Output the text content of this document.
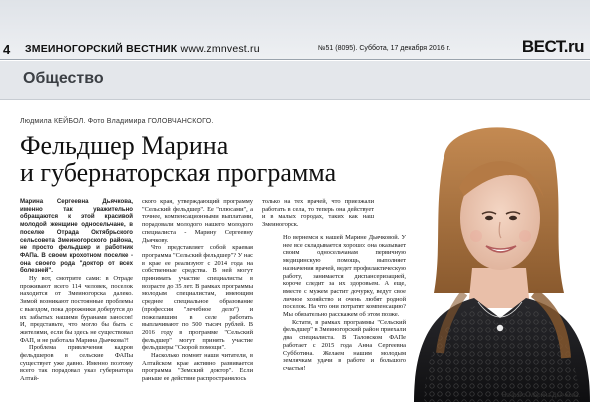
4 ЗМЕИНОГОРСКИЙ ВЕСТНИК www.zmnvest.ru	№51 (8095). Суббота, 17 декабря 2016 г.	ВЕСТ.ru
Общество
Людмила КЕЙБОЛ. Фото Владимира ГОЛОВЧАНСКОГО.
Фельдшер Марина
и губернаторская программа
На фото: Марина Дьячкова.

Марина Сергеевна Дьячкова, именно так уважительно обращаются к этой красивой молодой женщине односельчане, в поселке Отрада Октябрьского сельсовета Змеиногорского района, не просто фельдшер и работник ФАПа. В своем крохотном поселке - она своего рода "доктор от всех болезней".

Ну вот, смотрите сами: в Отраде проживают всего 114 человек, поселок находится от Змеиногорска далеко. Зимой возникают постоянные проблемы с выездом, пока дорожники доберутся до их забытых нашими буранами заносов! И, представьте, что могло бы быть с жителями, если бы здесь не существовал ФАП, и не работала Марина Дьячкова?!

Проблема привлечения кадров фельдшеров в сельские ФАПы существует уже давно. Именно поэтому всего так порадовал указ губернатора Алтай-

ского края, утверждающий программу "Сельский фельдшер". Ее "плюсами", а точнее, компенсационными выплатами, порадовали молодого нашего молодого специалиста - Марину Сергеевну Дьячкову.

Что представляет собой краевая программа "Сельский фельдшер"? У нас в крае ее реализуют с 2014 года на собственные средства. В ней могут принимать участие специалисты в возрасте до 35 лет. В рамках программы молодым специалистам, имеющим среднее специальное образование (профессия "лечебное дело") и пожелавшим в селе работать выплачивают по 500 тысяч рублей. В 2016 году в программе "Сельский фельдшер" могут принять участие фельдшеры "Скорой помощи".

Насколько помнят наши читатели, в Алтайском крае активно развивается программа "Земский доктор". Если раньше ее действие распространялось

только на тех врачей, что приезжали работать в села, то теперь она действует и в малых городах, таких как наш Змеиногорск.

Но вернемся к нашей Марине Дьячковой. У нее все складывается хорошо: она оказывает своим односельчанам первичную медицинскую помощь, выполняет назначения врачей, ведет профилактическую работу, занимается диспансеризацией, короче следит за их здоровьем. А еще, вместе с мужем растит дочурку, ведут свое личное хозяйство и очень любят родной поселок. На что они потратят компенсацию? Мы обязательно расскажем об этом позже.

Кстати, в рамках программы "Сельский фельдшер" в Змеиногорский район приехали два специалиста. В Таловском ФАПе работает с 2015 года Анна Сергеевна Субботина. Желаем нашим молодым землячкам удачи в работе и большого счастья!
